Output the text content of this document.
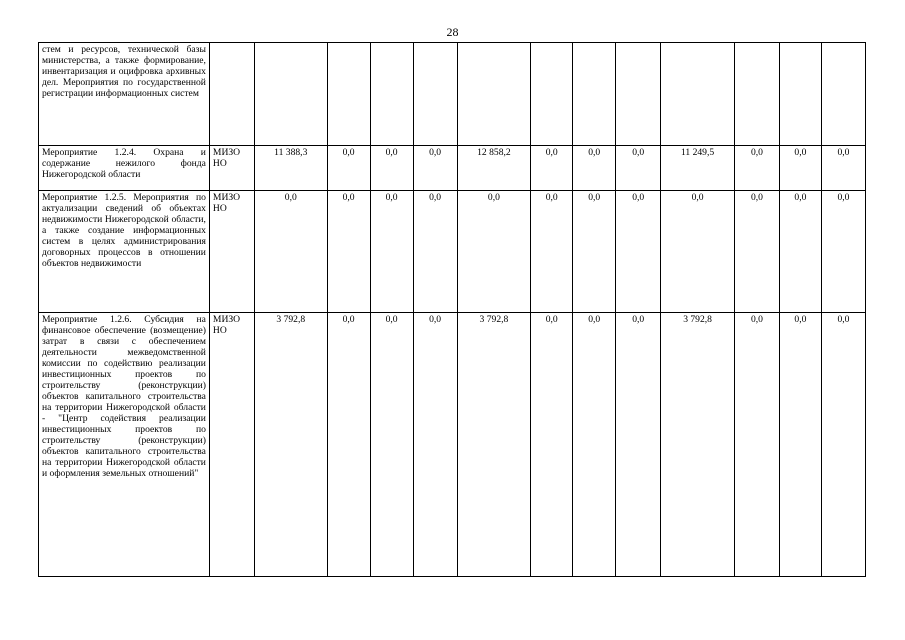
28
стем и ресурсов, технической базы министерства, а также формирование, инвентаризация и оцифровка архивных дел. Мероприятия по государственной регистрации информационных систем													
Мероприятие 1.2.4. Охрана и содержание нежилого фонда Нижегородской области	МИЗО НО	11 388,3	0,0	0,0	0,0	12 858,2	0,0	0,0	0,0	11 249,5	0,0	0,0	0,0
Мероприятие 1.2.5. Мероприятия по актуализации сведений об объектах недвижимости Нижегородской области, а также создание информационных систем в целях администрирования договорных процессов в отношении объектов недвижимости	МИЗО НО	0,0	0,0	0,0	0,0	0,0	0,0	0,0	0,0	0,0	0,0	0,0	0,0
Мероприятие 1.2.6. Субсидия на финансовое обеспечение (возмещение) затрат в связи с обеспечением деятельности межведомственной комиссии по содействию реализации инвестиционных проектов по строительству (реконструкции) объектов капитального строительства на территории Нижегородской области - "Центр содействия реализации инвестиционных проектов по строительству (реконструкции) объектов капитального строительства на территории Нижегородской области и оформления земельных отношений"	МИЗО НО	3 792,8	0,0	0,0	0,0	3 792,8	0,0	0,0	0,0	3 792,8	0,0	0,0	0,0
